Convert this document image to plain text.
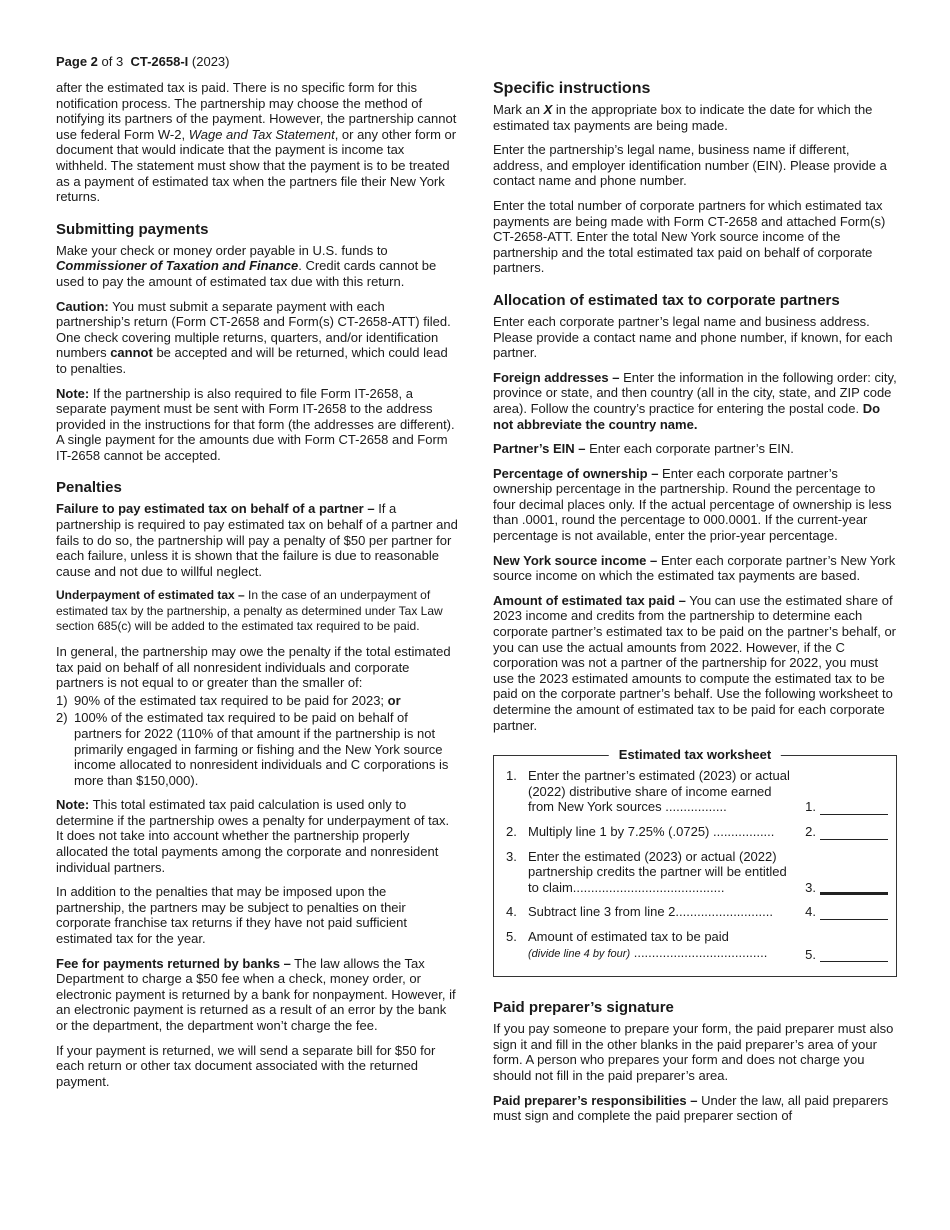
Page 2 of 3 CT-2658-I (2023)

after the estimated tax is paid. There is no specific form for this notification process. The partnership may choose the method of notifying its partners of the payment. However, the partnership cannot use federal Form W-2, Wage and Tax Statement, or any other form or document that would indicate that the payment is income tax withheld. The statement must show that the payment is to be treated as a payment of estimated tax when the partners file their New York returns.

Submitting payments

Make your check or money order payable in U.S. funds to Commissioner of Taxation and Finance. Credit cards cannot be used to pay the amount of estimated tax due with this return.

Caution: You must submit a separate payment with each partnership’s return (Form CT-2658 and Form(s) CT-2658-ATT) filed. One check covering multiple returns, quarters, and/or identification numbers cannot be accepted and will be returned, which could lead to penalties.

Note: If the partnership is also required to file Form IT-2658, a separate payment must be sent with Form IT-2658 to the address provided in the instructions for that form (the addresses are different). A single payment for the amounts due with Form CT-2658 and Form IT-2658 cannot be accepted.

Penalties

Failure to pay estimated tax on behalf of a partner – If a partnership is required to pay estimated tax on behalf of a partner and fails to do so, the partnership will pay a penalty of $50 per partner for each failure, unless it is shown that the failure is due to reasonable cause and not due to willful neglect.

Underpayment of estimated tax – In the case of an underpayment of estimated tax by the partnership, a penalty as determined under Tax Law section 685(c) will be added to the estimated tax required to be paid.

In general, the partnership may owe the penalty if the total estimated tax paid on behalf of all nonresident individuals and corporate partners is not equal to or greater than the smaller of:

1) 90% of the estimated tax required to be paid for 2023; or
2) 100% of the estimated tax required to be paid on behalf of partners for 2022 (110% of that amount if the partnership is not primarily engaged in farming or fishing and the New York source income allocated to nonresident individuals and C corporations is more than $150,000).

Note: This total estimated tax paid calculation is used only to determine if the partnership owes a penalty for underpayment of tax. It does not take into account whether the partnership properly allocated the total payments among the corporate and nonresident individual partners.

In addition to the penalties that may be imposed upon the partnership, the partners may be subject to penalties on their corporate franchise tax returns if they have not paid sufficient estimated tax for the year.

Fee for payments returned by banks – The law allows the Tax Department to charge a $50 fee when a check, money order, or electronic payment is returned by a bank for nonpayment. However, if an electronic payment is returned as a result of an error by the bank or the department, the department won’t charge the fee.

If your payment is returned, we will send a separate bill for $50 for each return or other tax document associated with the returned payment.

Specific instructions

Mark an X in the appropriate box to indicate the date for which the estimated tax payments are being made.

Enter the partnership’s legal name, business name if different, address, and employer identification number (EIN). Please provide a contact name and phone number.

Enter the total number of corporate partners for which estimated tax payments are being made with Form CT-2658 and attached Form(s) CT-2658-ATT. Enter the total New York source income of the partnership and the total estimated tax paid on behalf of corporate partners.

Allocation of estimated tax to corporate partners

Enter each corporate partner’s legal name and business address. Please provide a contact name and phone number, if known, for each partner.

Foreign addresses – Enter the information in the following order: city, province or state, and then country (all in the city, state, and ZIP code area). Follow the country’s practice for entering the postal code. Do not abbreviate the country name.

Partner’s EIN – Enter each corporate partner’s EIN.

Percentage of ownership – Enter each corporate partner’s ownership percentage in the partnership. Round the percentage to four decimal places only. If the actual percentage of ownership is less than .0001, round the percentage to 000.0001. If the current-year percentage is not available, enter the prior-year percentage.

New York source income – Enter each corporate partner’s New York source income on which the estimated tax payments are based.

Amount of estimated tax paid – You can use the estimated share of 2023 income and credits from the partnership to determine each corporate partner’s estimated tax to be paid on the partner’s behalf, or you can use the actual amounts from 2022. However, if the C corporation was not a partner of the partnership for 2022, you must use the 2023 estimated amounts to compute the estimated tax to be paid on the corporate partner’s behalf. Use the following worksheet to determine the amount of estimated tax to be paid for each corporate partner.

Estimated tax worksheet
1. Enter the partner’s estimated (2023) or actual (2022) distributive share of income earned from New York sources .................	1.
2. Multiply line 1 by 7.25% (.0725) .................	2.
3. Enter the estimated (2023) or actual (2022) partnership credits the partner will be entitled to claim..........................................	3.
4. Subtract line 3 from line 2...........................	4.
5. Amount of estimated tax to be paid
(divide line 4 by four) .....................................	5.
Paid preparer’s signature

If you pay someone to prepare your form, the paid preparer must also sign it and fill in the other blanks in the paid preparer’s area of your form. A person who prepares your form and does not charge you should not fill in the paid preparer’s area.

Paid preparer’s responsibilities – Under the law, all paid preparers must sign and complete the paid preparer section of
